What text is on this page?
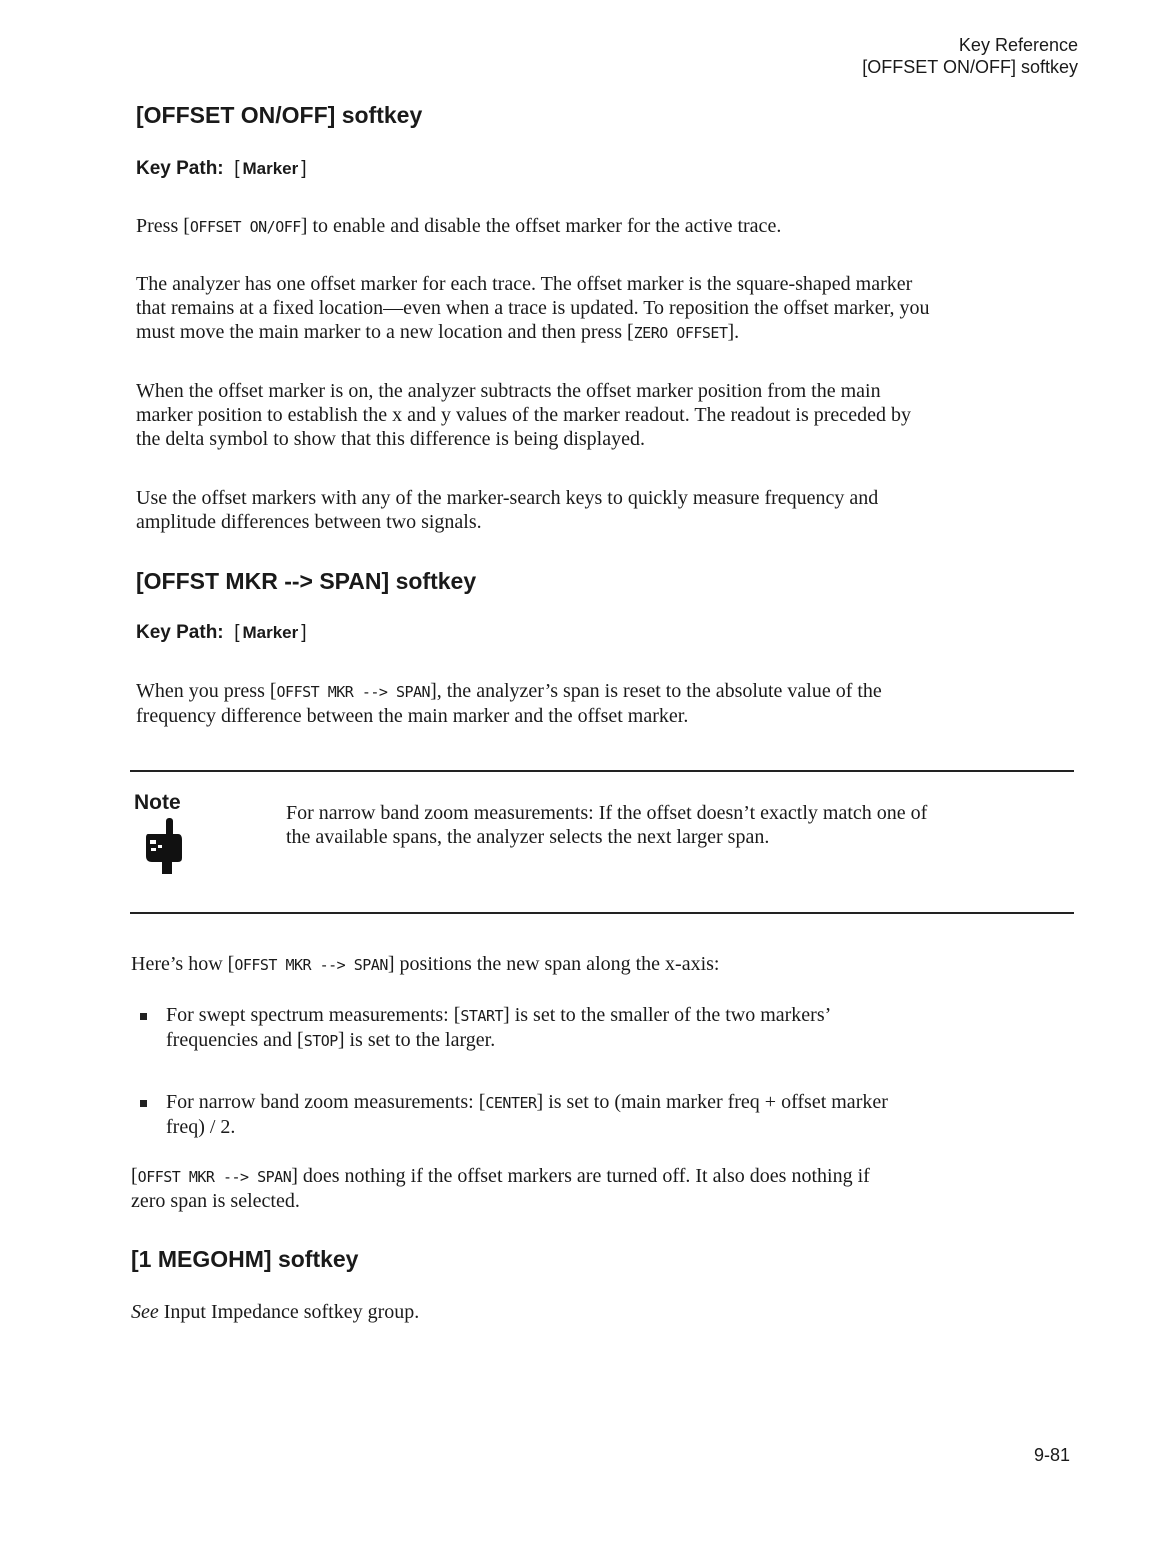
Key Reference
[OFFSET ON/OFF] softkey
[OFFSET ON/OFF] softkey
Key Path:  [ Marker ]

Press [OFFSET ON/OFF] to enable and disable the offset marker for the active trace.

The analyzer has one offset marker for each trace. The offset marker is the square-shaped marker
that remains at a fixed location—even when a trace is updated. To reposition the offset marker, you
must move the main marker to a new location and then press [ZERO OFFSET].

When the offset marker is on, the analyzer subtracts the offset marker position from the main
marker position to establish the x and y values of the marker readout. The readout is preceded by
the delta symbol to show that this difference is being displayed.

Use the offset markers with any of the marker-search keys to quickly measure frequency and
amplitude differences between two signals.

[OFFST MKR --> SPAN] softkey
Key Path:  [ Marker ]

When you press [OFFST MKR --> SPAN], the analyzer’s span is reset to the absolute value of the
frequency difference between the main marker and the offset marker.

Note	For narrow band zoom measurements: If the offset doesn’t exactly match one of
the available spans, the analyzer selects the next larger span.

Here’s how [OFFST MKR --> SPAN] positions the new span along the x-axis:

For swept spectrum measurements: [START] is set to the smaller of the two markers’
frequencies and [STOP] is set to the larger.

For narrow band zoom measurements: [CENTER] is set to (main marker freq + offset marker
freq) / 2.

[OFFST MKR --> SPAN] does nothing if the offset markers are turned off. It also does nothing if
zero span is selected.

[1 MEGOHM] softkey

See Input Impedance softkey group.

9-81
